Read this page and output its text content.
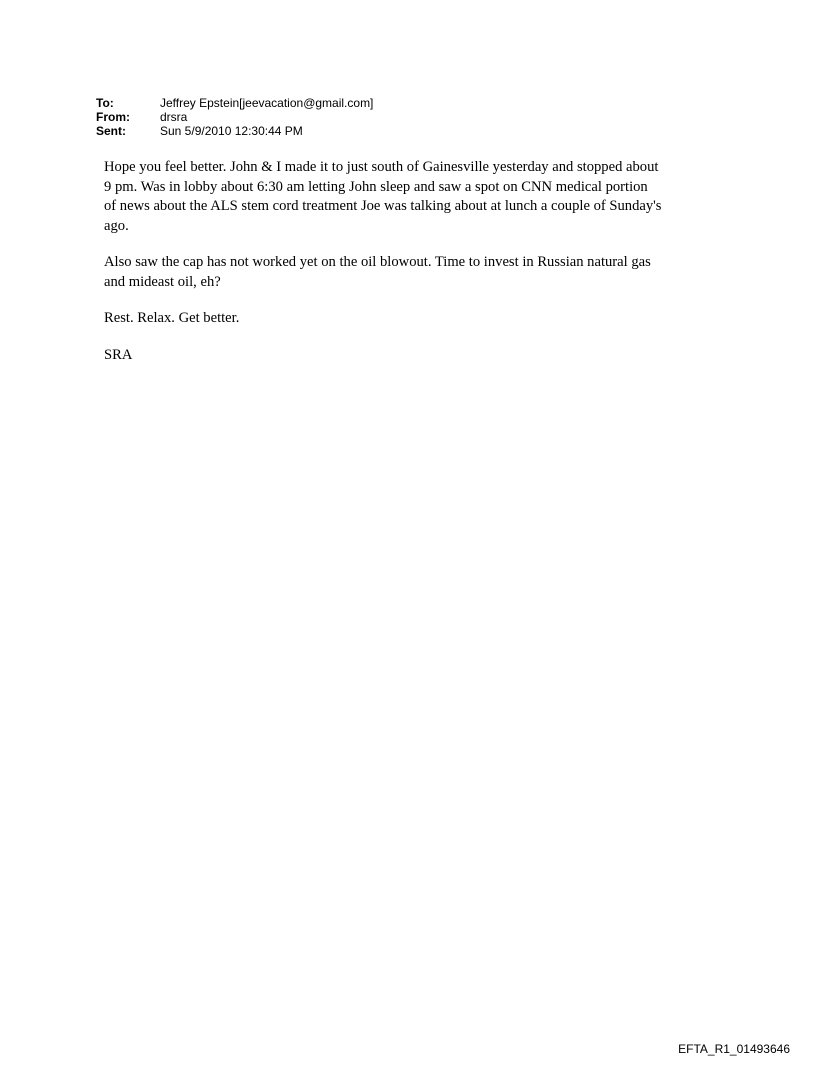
To:	Jeffrey Epstein[jeevacation@gmail.com]
From:	drsra
Sent:	Sun 5/9/2010 12:30:44 PM

Hope you feel better. John & I made it to just south of Gainesville yesterday and stopped about
9 pm. Was in lobby about 6:30 am letting John sleep and saw a spot on CNN medical portion
of news about the ALS stem cord treatment Joe was talking about at lunch a couple of Sunday's
ago.

Also saw the cap has not worked yet on the oil blowout. Time to invest in Russian natural gas
and mideast oil, eh?

Rest. Relax. Get better.

SRA

EFTA_R1_01493646
